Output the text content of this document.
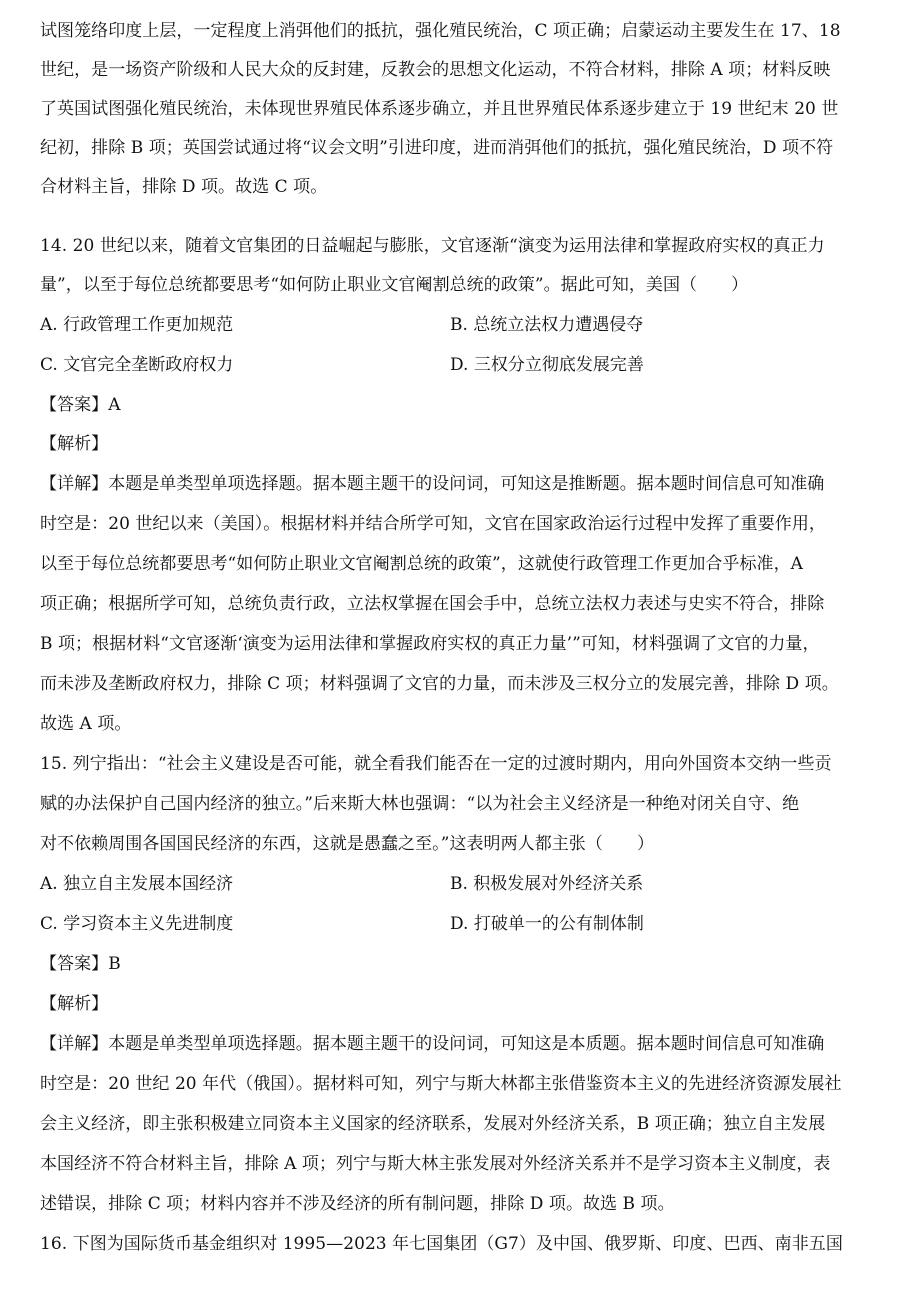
试图笼络印度上层，一定程度上消弭他们的抵抗，强化殖民统治，C 项正确；启蒙运动主要发生在 17、18
世纪，是一场资产阶级和人民大众的反封建，反教会的思想文化运动，不符合材料，排除 A 项；材料反映
了英国试图强化殖民统治，未体现世界殖民体系逐步确立，并且世界殖民体系逐步建立于 19 世纪末 20 世
纪初，排除 B 项；英国尝试通过将“议会文明”引进印度，进而消弭他们的抵抗，强化殖民统治，D 项不符
合材料主旨，排除 D 项。故选 C 项。
14. 20 世纪以来，随着文官集团的日益崛起与膨胀，文官逐渐“演变为运用法律和掌握政府实权的真正力
量”，以至于每位总统都要思考“如何防止职业文官阉割总统的政策”。据此可知，美国（　　）
A. 行政管理工作更加规范	B. 总统立法权力遭遇侵夺
C. 文官完全垄断政府权力	D. 三权分立彻底发展完善
【答案】A
【解析】
【详解】本题是单类型单项选择题。据本题主题干的设问词，可知这是推断题。据本题时间信息可知准确
时空是：20 世纪以来（美国）。根据材料并结合所学可知，文官在国家政治运行过程中发挥了重要作用，
以至于每位总统都要思考“如何防止职业文官阉割总统的政策”，这就使行政管理工作更加合乎标准，A
项正确；根据所学可知，总统负责行政，立法权掌握在国会手中，总统立法权力表述与史实不符合，排除
B 项；根据材料“文官逐渐‘演变为运用法律和掌握政府实权的真正力量’”可知，材料强调了文官的力量，
而未涉及垄断政府权力，排除 C 项；材料强调了文官的力量，而未涉及三权分立的发展完善，排除 D 项。
故选 A 项。
15. 列宁指出：“社会主义建设是否可能，就全看我们能否在一定的过渡时期内，用向外国资本交纳一些贡
赋的办法保护自己国内经济的独立。”后来斯大林也强调：“以为社会主义经济是一种绝对闭关自守、绝
对不依赖周围各国国民经济的东西，这就是愚蠢之至。”这表明两人都主张（　　）
A. 独立自主发展本国经济	B. 积极发展对外经济关系
C. 学习资本主义先进制度	D. 打破单一的公有制体制
【答案】B
【解析】
【详解】本题是单类型单项选择题。据本题主题干的设问词，可知这是本质题。据本题时间信息可知准确
时空是：20 世纪 20 年代（俄国）。据材料可知，列宁与斯大林都主张借鉴资本主义的先进经济资源发展社
会主义经济，即主张积极建立同资本主义国家的经济联系，发展对外经济关系，B 项正确；独立自主发展
本国经济不符合材料主旨，排除 A 项；列宁与斯大林主张发展对外经济关系并不是学习资本主义制度，表
述错误，排除 C 项；材料内容并不涉及经济的所有制问题，排除 D 项。故选 B 项。
16. 下图为国际货币基金组织对 1995—2023 年七国集团（G7）及中国、俄罗斯、印度、巴西、南非五国
